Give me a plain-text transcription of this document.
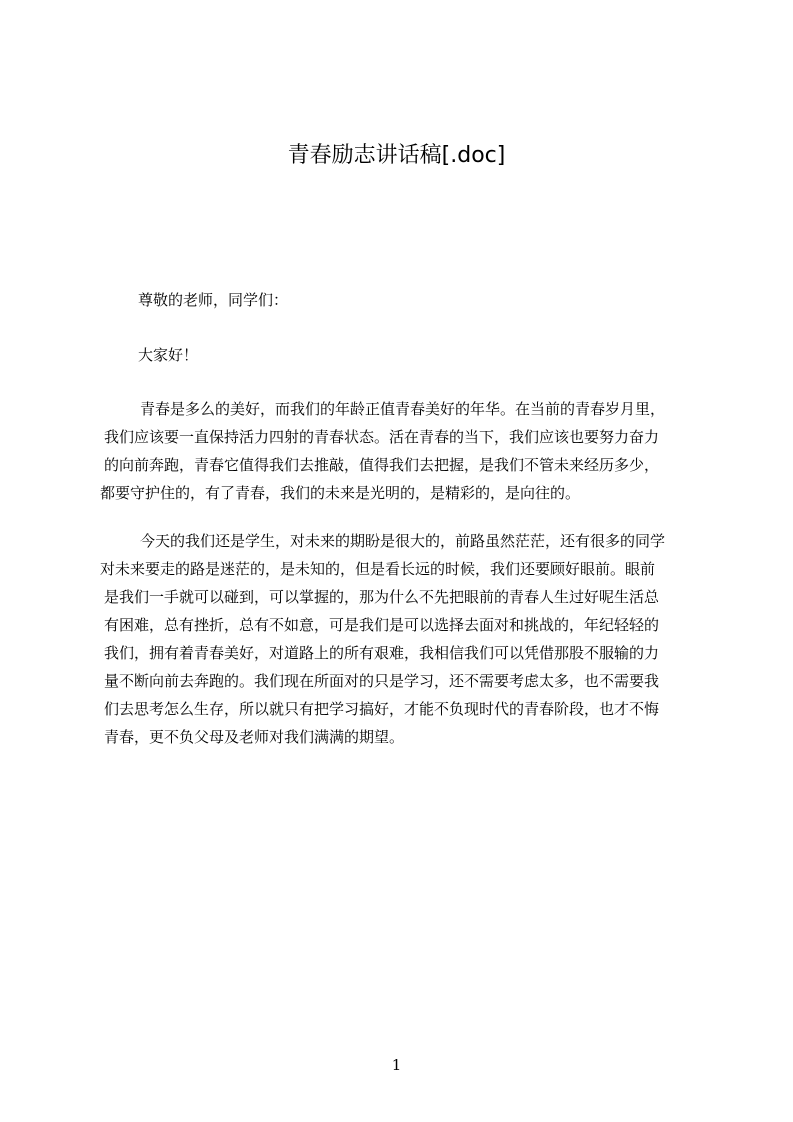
青春励志讲话稿[.doc]
尊敬的老师，同学们：
大家好！
青春是多么的美好，而我们的年龄正值青春美好的年华。在当前的青春岁月里，
我们应该要一直保持活力四射的青春状态。活在青春的当下，我们应该也要努力奋力
的向前奔跑，青春它值得我们去推敲，值得我们去把握，是我们不管未来经历多少，
都要守护住的，有了青春，我们的未来是光明的，是精彩的，是向往的。
今天的我们还是学生，对未来的期盼是很大的，前路虽然茫茫，还有很多的同学
对未来要走的路是迷茫的，是未知的，但是看长远的时候，我们还要顾好眼前。眼前
是我们一手就可以碰到，可以掌握的，那为什么不先把眼前的青春人生过好呢生活总
有困难，总有挫折，总有不如意，可是我们是可以选择去面对和挑战的，年纪轻轻的
我们，拥有着青春美好，对道路上的所有艰难，我相信我们可以凭借那股不服输的力
量不断向前去奔跑的。我们现在所面对的只是学习，还不需要考虑太多，也不需要我
们去思考怎么生存，所以就只有把学习搞好，才能不负现时代的青春阶段，也才不悔
青春，更不负父母及老师对我们满满的期望。
1
